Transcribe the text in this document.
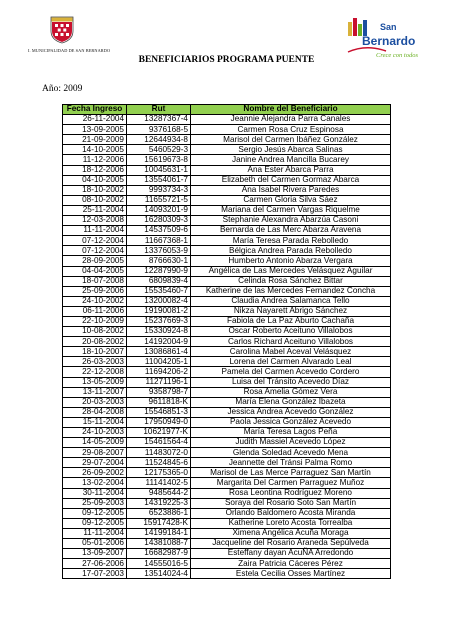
I. MUNICIPALIDAD DE SAN BERNARDO
San
Bernardo
Crece con todos
BENEFICIARIOS PROGRAMA PUENTE
Año: 2009
Fecha Ingreso	Rut	Nombre del Beneficiario
26-11-2004	13287367-4	Jeannie Alejandra Parra Canales
13-09-2005	9376168-5	Carmen Rosa Cruz Espinosa
21-09-2009	12644934-8	Marisol del Carmen Ibáñez González
14-10-2005	5460529-3	Sergio Jesús Abarca Salinas
11-12-2006	15619673-8	Janine Andrea Mancilla Bucarey
18-12-2006	10045631-1	Ana Ester Abarca Parra
04-10-2005	13554061-7	Elizabeth del Carmen Gormaz Abarca
18-10-2002	9993734-3	Ana Isabel Rivera Paredes
08-10-2002	11655721-5	Carmen Gloria Silva Sáez
25-11-2004	14093201-9	Mariana del Carmen Vargas Riquelme
12-03-2008	16280309-3	Stephanie Alexandra Abarzúa Casoni
11-11-2004	14537509-6	Bernarda de Las Merc Abarza Aravena
07-12-2004	11667368-1	María Teresa Parada Rebolledo
07-12-2004	13376053-9	Bélgica Andrea Parada Rebolledo
28-09-2005	8766630-1	Humberto Antonio Abarza Vergara
04-04-2005	12287990-9	Angélica de Las Mercedes Velásquez Aguilar
18-07-2008	6809839-4	Celinda Rosa Sánchez Bittar
25-09-2006	15535460-7	Katherine de las Mercedes Fernandez Concha
24-10-2002	13200082-4	Claudia Andrea Salamanca Tello
06-11-2006	19190081-2	Nikza Nayarett Abrigo Sánchez
22-10-2009	15237669-3	Fabiola de La Paz Aburto Cachaña
10-08-2002	15330924-8	Oscar Roberto Aceituno Villalobos
20-08-2002	14192004-9	Carlos Richard Aceituno Villalobos
18-10-2007	13086861-4	Carolina Mabel Aceval Velásquez
26-03-2003	11004205-1	Lorena del Carmen Alvarado Leal
22-12-2008	11694206-2	Pamela del Carmen Acevedo Cordero
13-05-2009	11271196-1	Luisa del Tránsito Acevedo Díaz
13-11-2007	9358798-7	Rosa Amelia Gómez Vera
20-03-2003	9611818-K	María Elena González Ibazeta
28-04-2008	15546851-3	Jessica Andrea Acevedo González
15-11-2004	17950949-0	Paola Jessica González Acevedo
24-10-2003	10621977-K	María Teresa Lagos Peña
14-05-2009	15461564-4	Judith Massiel Acevedo López
29-08-2007	11483072-0	Glenda Soledad Acevedo Mena
29-07-2004	11524845-6	Jeannette del Tránsi Palma Romo
26-09-2002	12175365-0	Marisol de Las Merce Parraguez San Martín
13-02-2004	11141402-5	Margarita Del Carmen Parraguez Muñoz
30-11-2004	9485644-2	Rosa Leontina Rodríguez Moreno
25-09-2003	14319225-3	Soraya del Rosario Soto San Martín
09-12-2005	6523886-1	Orlando Baldomero Acosta Miranda
09-12-2005	15917428-K	Katherine Loreto Acosta Torrealba
11-11-2004	14199184-1	Ximena Angélica Acuña Moraga
05-01-2006	14381088-7	Jacqueline del Rosario Araneda Sepúlveda
13-09-2007	16682987-9	Esteffany dayan AcuÑA Arredondo
27-06-2006	14555016-5	Zaira Patricia Cáceres Pérez
17-07-2003	13514024-4	Estela Cecilia Osses Martínez
